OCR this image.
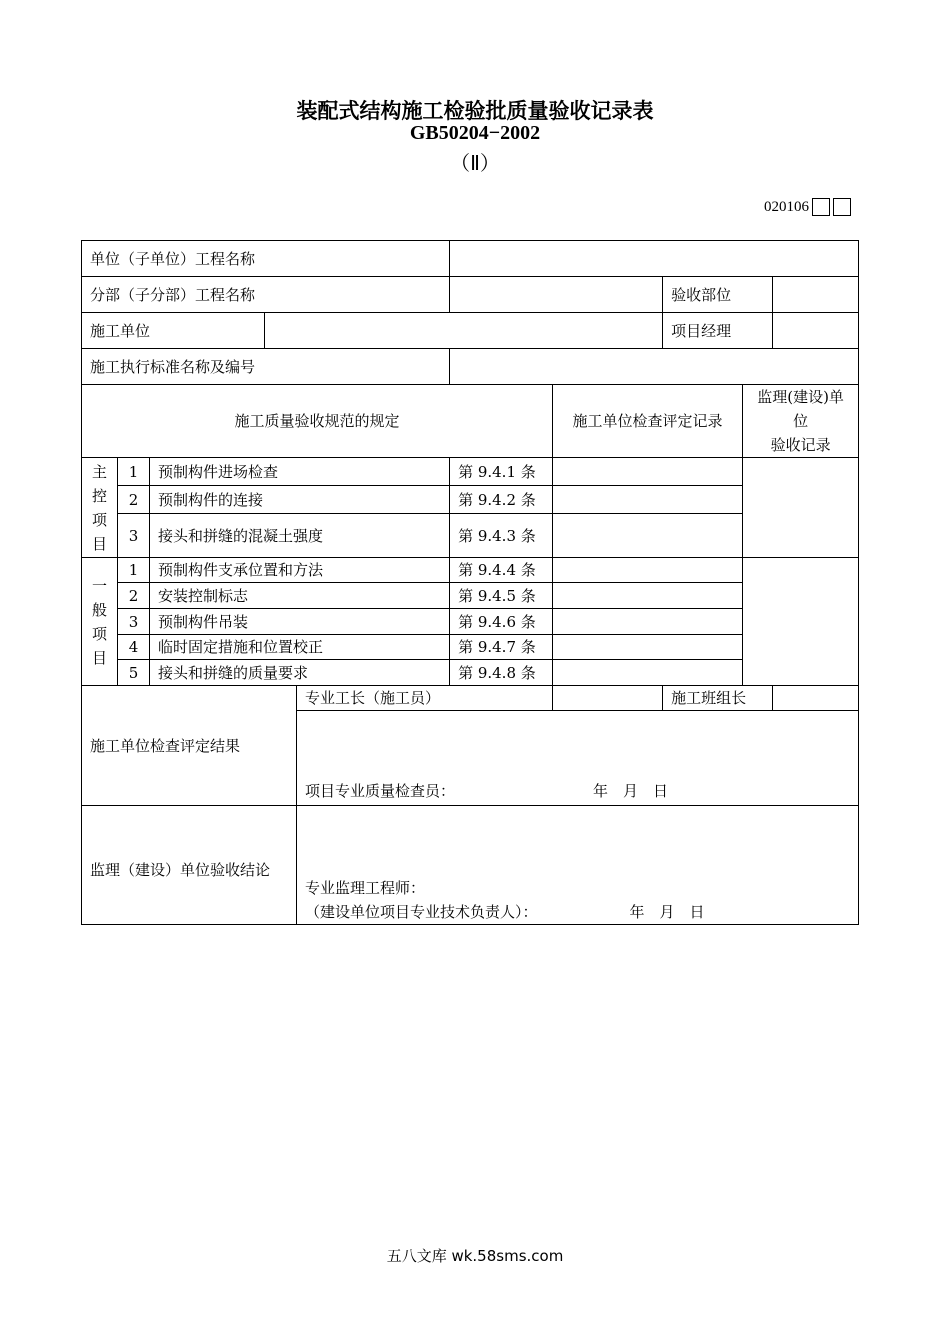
装配式结构施工检验批质量验收记录表
GB50204−2002
（Ⅱ）
020106
单位（子单位）工程名称									
分部（子分部）工程名称							验收部位		
施工单位							项目经理		
施工执行标准名称及编号									
施工质量验收规范的规定						施工单位检查评定记录		监理(建设)单位
验收记录	

主
控
项
目	1	预制构件进场检查			第 9.4.1 条				
	2	预制构件的连接			第 9.4.2 条				
	3	接头和拼缝的混凝土强度			第 9.4.3 条				

一
般
项
目	1	预制构件支承位置和方法			第 9.4.4 条				
	2	安装控制标志			第 9.4.5 条				
	3	预制构件吊装			第 9.4.6 条				
	4	临时固定措施和位置校正			第 9.4.7 条				
	5	接头和拼缝的质量要求			第 9.4.8 条				
施工单位检查评定结果				专业工长（施工员）			施工班组长		
				项目专业质量检查员： 年　月　日					
监理（建设）单位验收结论				专业监理工程师：
（建设单位项目专业技术负责人）： 年　月　日					
五八文库 wk.58sms.com
